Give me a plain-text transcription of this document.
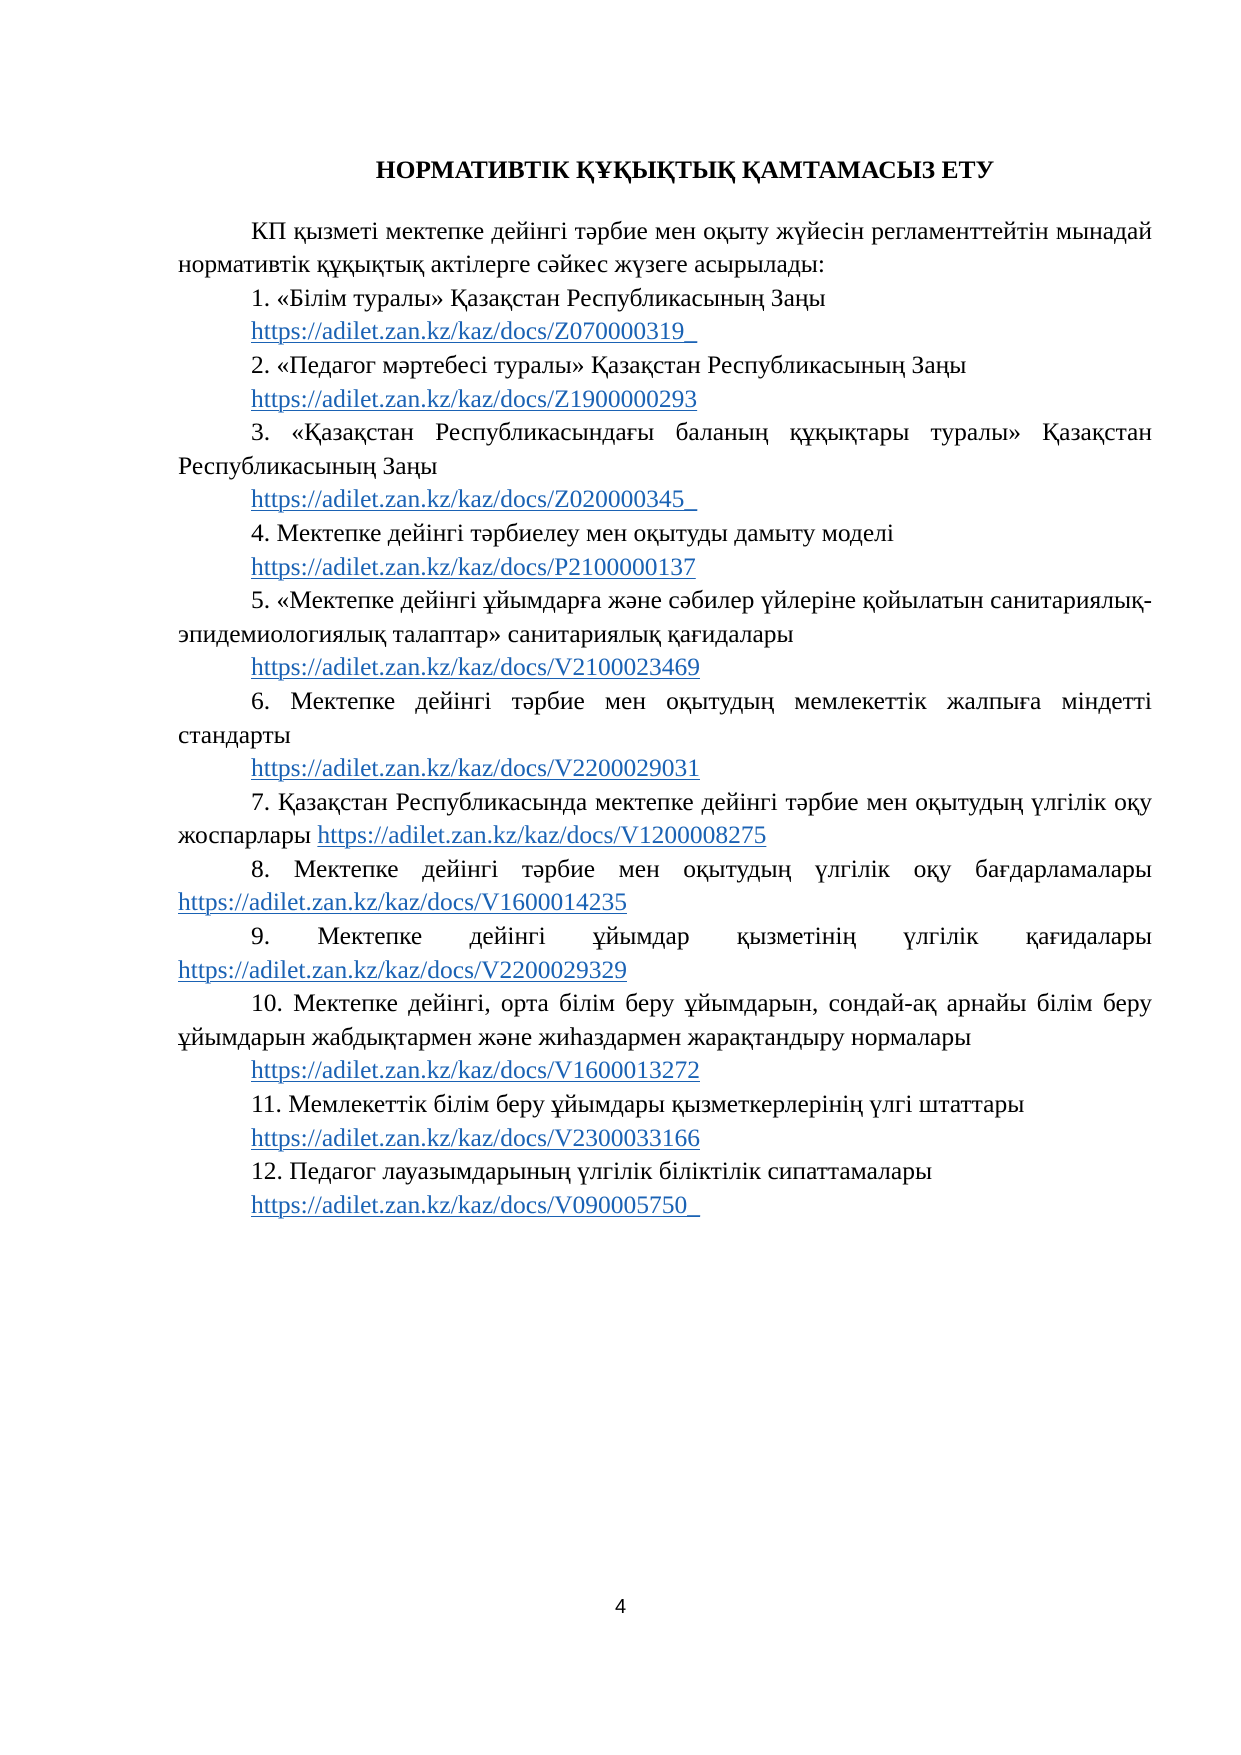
НОРМАТИВТІК ҚҰҚЫҚТЫҚ ҚАМТАМАСЫЗ ЕТУ

КП қызметі мектепке дейінгі тәрбие мен оқыту жүйесін регламенттейтін мынадай нормативтік құқықтық актілерге сәйкес жүзеге асырылады:

1. «Білім туралы» Қазақстан Республикасының Заңы

https://adilet.zan.kz/kaz/docs/Z070000319_

2. «Педагог мәртебесі туралы» Қазақстан Республикасының Заңы

https://adilet.zan.kz/kaz/docs/Z1900000293

3. «Қазақстан Республикасындағы баланың құқықтары туралы» Қазақстан Республикасының Заңы

https://adilet.zan.kz/kaz/docs/Z020000345_

4. Мектепке дейінгі тәрбиелеу мен оқытуды дамыту моделі

https://adilet.zan.kz/kaz/docs/P2100000137

5. «Мектепке дейінгі ұйымдарға және сәбилер үйлеріне қойылатын санитариялық-эпидемиологиялық талаптар» санитариялық қағидалары

https://adilet.zan.kz/kaz/docs/V2100023469

6. Мектепке дейінгі тәрбие мен оқытудың мемлекеттік жалпыға міндетті стандарты

https://adilet.zan.kz/kaz/docs/V2200029031

7. Қазақстан Республикасында мектепке дейінгі тәрбие мен оқытудың үлгілік оқу жоспарлары https://adilet.zan.kz/kaz/docs/V1200008275

8. Мектепке дейінгі тәрбие мен оқытудың үлгілік оқу бағдарламалары https://adilet.zan.kz/kaz/docs/V1600014235

9. Мектепке дейінгі ұйымдар қызметінің үлгілік қағидалары https://adilet.zan.kz/kaz/docs/V2200029329

10. Мектепке дейінгі, орта білім беру ұйымдарын, сондай-ақ арнайы білім беру ұйымдарын жабдықтармен және жиһаздармен жарақтандыру нормалары

https://adilet.zan.kz/kaz/docs/V1600013272

11. Мемлекеттік білім беру ұйымдары қызметкерлерінің үлгі штаттары

https://adilet.zan.kz/kaz/docs/V2300033166

12. Педагог лауазымдарының үлгілік біліктілік сипаттамалары

https://adilet.zan.kz/kaz/docs/V090005750_

4
